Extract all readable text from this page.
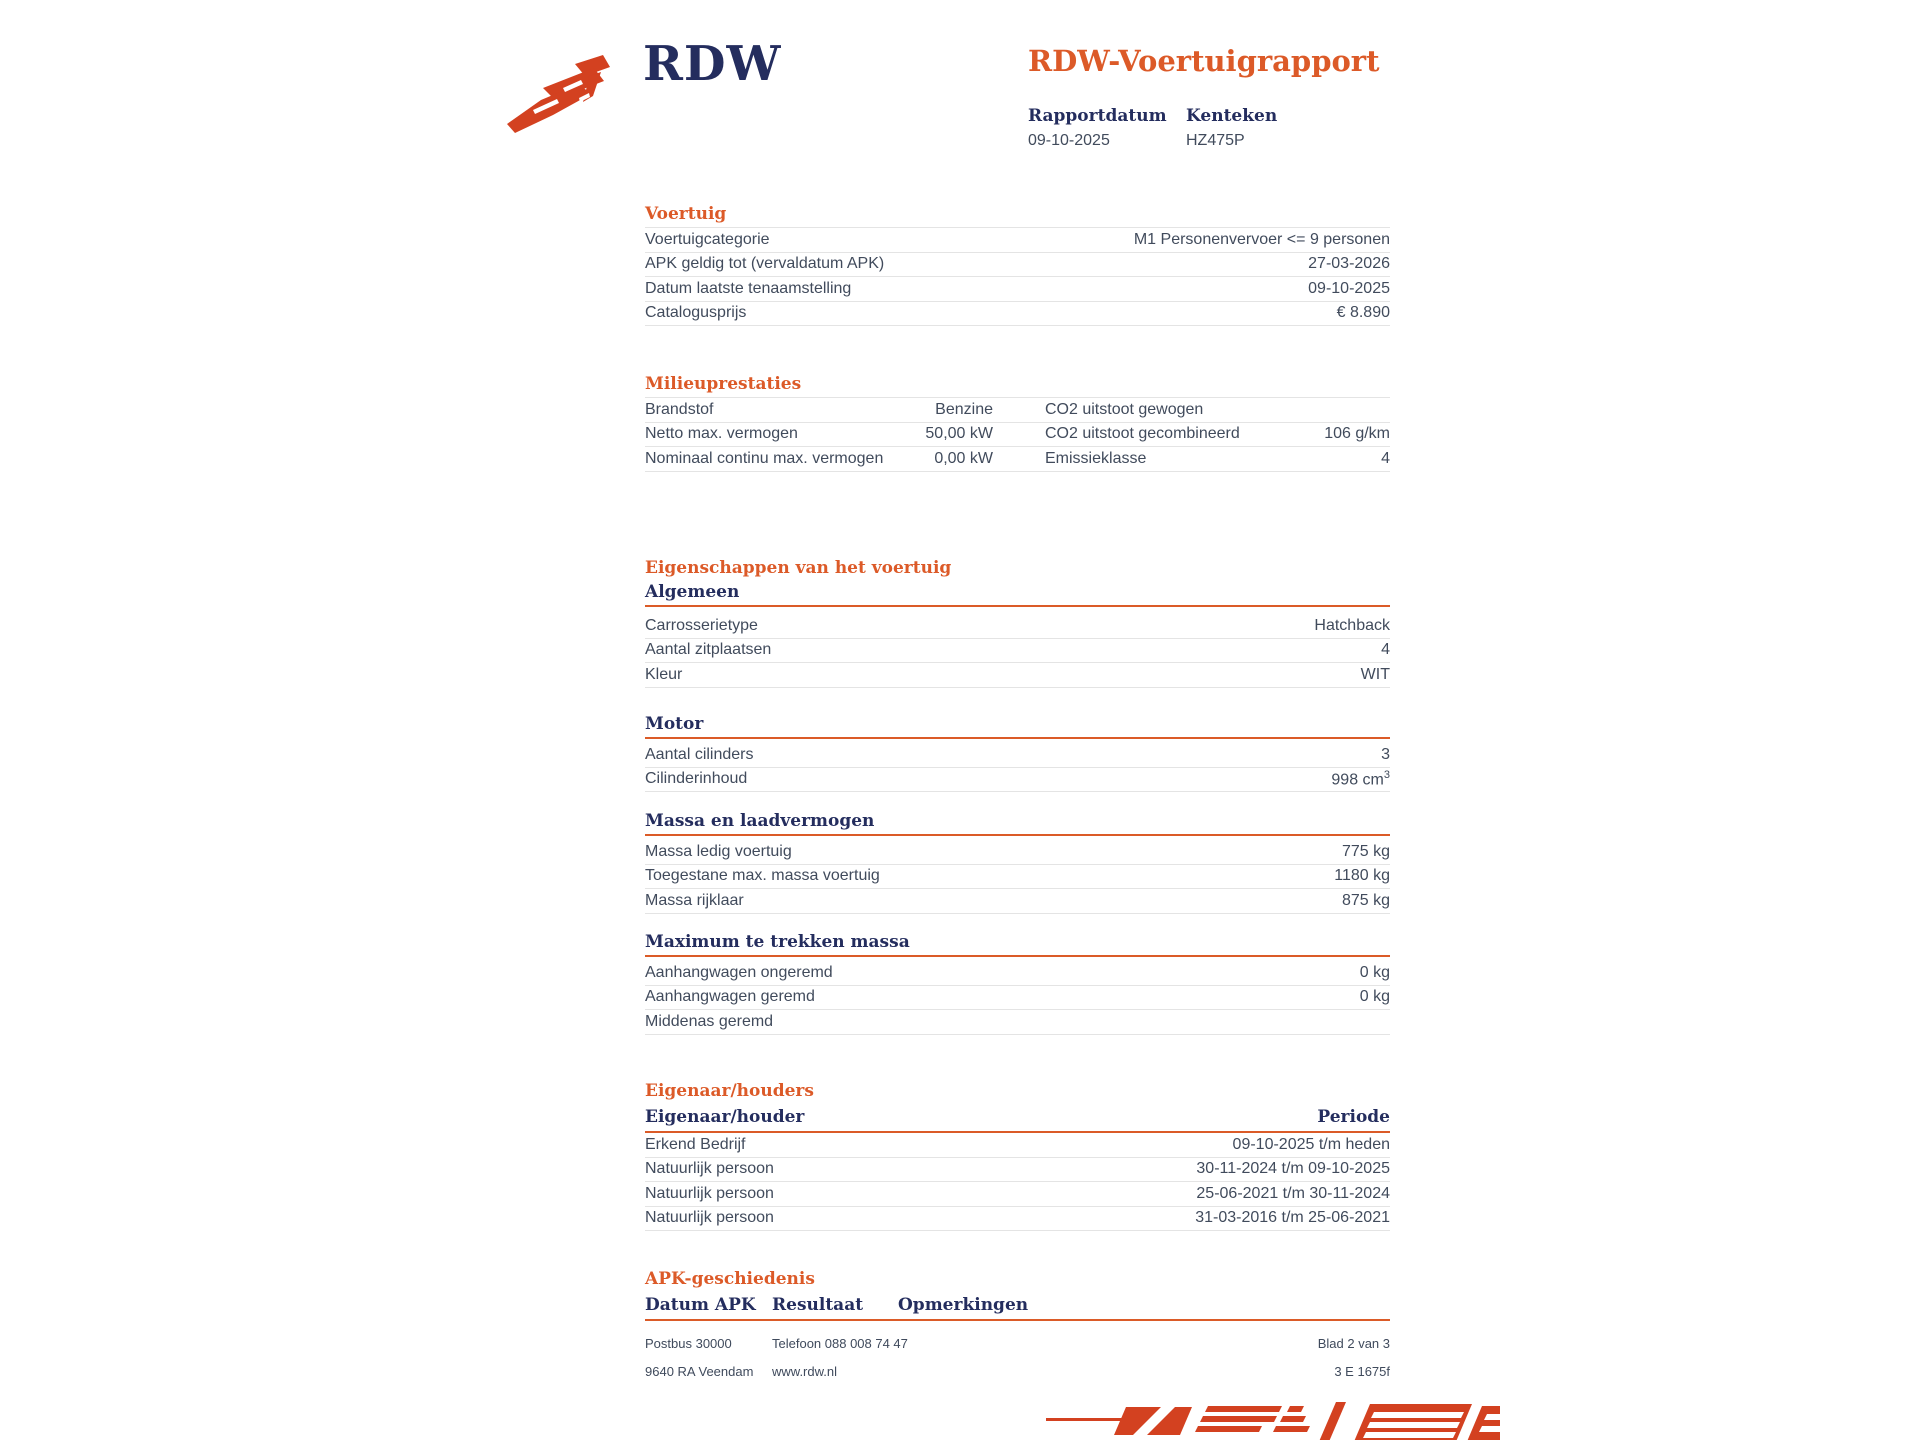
RDW	RDW-Voertuigrapport
Rapportdatum
09-10-2025
Kenteken
HZ475P
Voertuig
Voertuigcategorie	M1 Personenvervoer <= 9 personen
APK geldig tot (vervaldatum APK)	27-03-2026
Datum laatste tenaamstelling	09-10-2025
Catalogusprijs	€ 8.890
Milieuprestaties
Brandstof	Benzine	CO2 uitstoot gewogen
Netto max. vermogen	50,00 kW	CO2 uitstoot gecombineerd	106 g/km
Nominaal continu max. vermogen	0,00 kW	Emissieklasse	4
Eigenschappen van het voertuig
Algemeen
Carrosserietype	Hatchback
Aantal zitplaatsen	4
Kleur	WIT
Motor
Aantal cilinders	3
Cilinderinhoud	998 $cm^3$
Massa en laadvermogen
Massa ledig voertuig	775 kg
Toegestane max. massa voertuig	1180 kg
Massa rijklaar	875 kg
Maximum te trekken massa
Aanhangwagen ongeremd	0 kg
Aanhangwagen geremd	0 kg
Middenas geremd
Eigenaar/houders
Eigenaar/houder	Periode
Erkend Bedrijf	09-10-2025 t/m heden
Natuurlijk persoon	30-11-2024 t/m 09-10-2025
Natuurlijk persoon	25-06-2021 t/m 30-11-2024
Natuurlijk persoon	31-03-2016 t/m 25-06-2021
APK-geschiedenis
Datum APK Resultaat	Opmerkingen
Postbus 30000	Telefoon 088 008 74 47	Blad 2 van 3
9640 RA Veendam	www.rdw.nl	3 E 1675f
